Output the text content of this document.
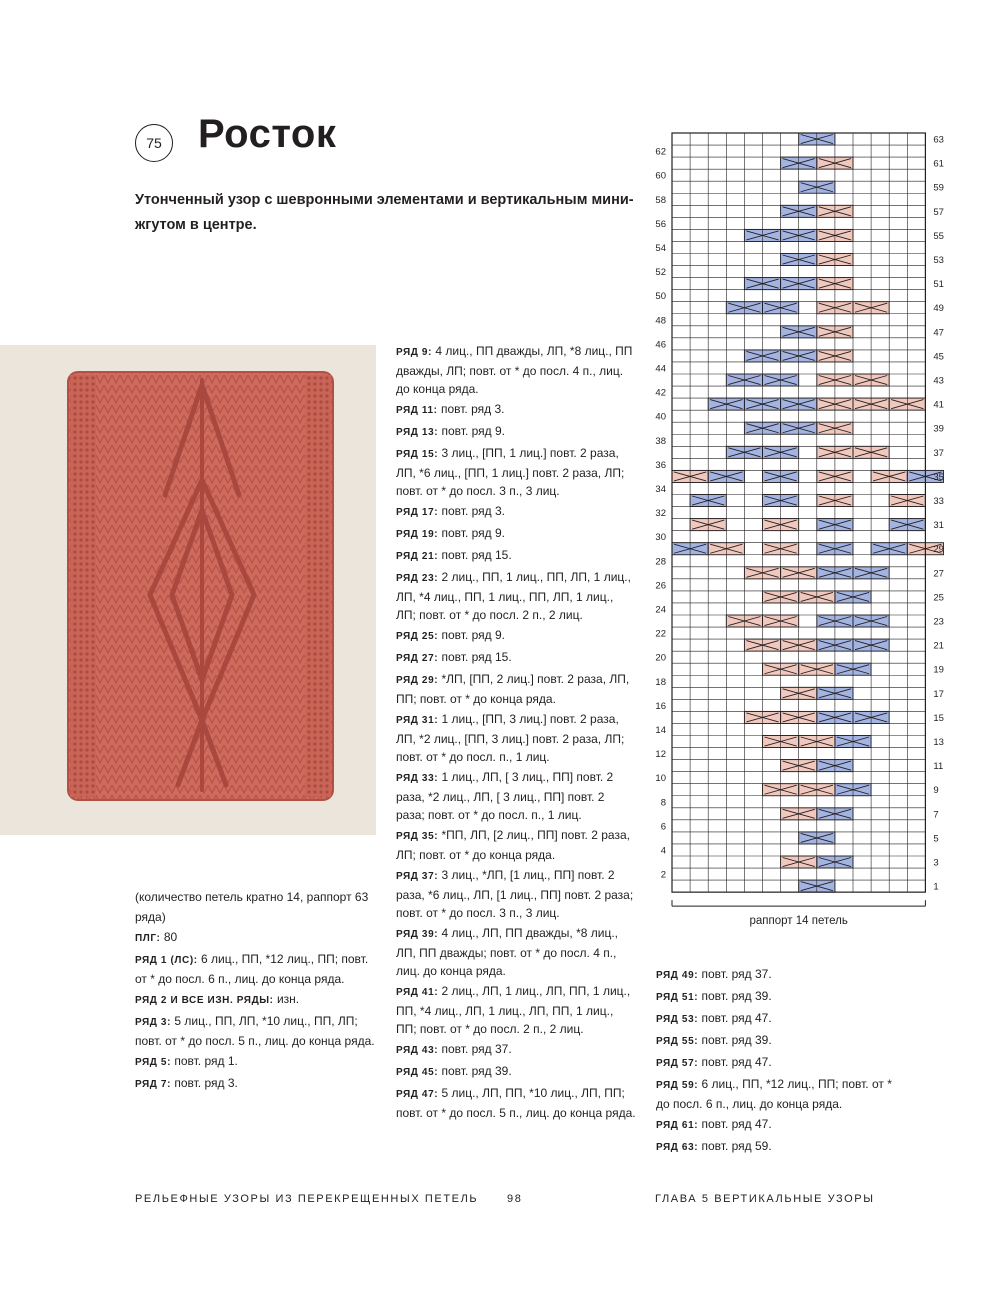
75 Росток
Утонченный узор с шевронными элементами и вертикальным мини-жгутом в центре.

(количество петель кратно 14, раппорт 63 ряда)

ПЛГ: 80

РЯД 1 (ЛС): 6 лиц., ПП, *12 лиц., ПП; повт. от * до посл. 6 п., лиц. до конца ряда.

РЯД 2 И ВСЕ ИЗН. РЯДЫ: изн.

РЯД 3: 5 лиц., ПП, ЛП, *10 лиц., ПП, ЛП; повт. от * до посл. 5 п., лиц. до конца ряда.

РЯД 5: повт. ряд 1.

РЯД 7: повт. ряд 3.

РЯД 9: 4 лиц., ПП дважды, ЛП, *8 лиц., ПП дважды, ЛП; повт. от * до посл. 4 п., лиц. до конца ряда.

РЯД 11: повт. ряд 3.

РЯД 13: повт. ряд 9.

РЯД 15: 3 лиц., [ПП, 1 лиц.] повт. 2 раза, ЛП, *6 лиц., [ПП, 1 лиц.] повт. 2 раза, ЛП; повт. от * до посл. 3 п., 3 лиц.

РЯД 17: повт. ряд 3.

РЯД 19: повт. ряд 9.

РЯД 21: повт. ряд 15.

РЯД 23: 2 лиц., ПП, 1 лиц., ПП, ЛП, 1 лиц., ЛП, *4 лиц., ПП, 1 лиц., ПП, ЛП, 1 лиц., ЛП; повт. от * до посл. 2 п., 2 лиц.

РЯД 25: повт. ряд 9.

РЯД 27: повт. ряд 15.

РЯД 29: *ЛП, [ПП, 2 лиц.] повт. 2 раза, ЛП, ПП; повт. от * до конца ряда.

РЯД 31: 1 лиц., [ПП, 3 лиц.] повт. 2 раза, ЛП, *2 лиц., [ПП, 3 лиц.] повт. 2 раза, ЛП; повт. от * до посл. п., 1 лиц.

РЯД 33: 1 лиц., ЛП, [ 3 лиц., ПП] повт. 2 раза, *2 лиц., ЛП, [ 3 лиц., ПП] повт. 2 раза; повт. от * до посл. п., 1 лиц.

РЯД 35: *ПП, ЛП, [2 лиц., ПП] повт. 2 раза, ЛП; повт. от * до конца ряда.

РЯД 37: 3 лиц., *ЛП, [1 лиц., ПП] повт. 2 раза, *6 лиц., ЛП, [1 лиц., ПП] повт. 2 раза; повт. от * до посл. 3 п., 3 лиц.

РЯД 39: 4 лиц., ЛП, ПП дважды, *8 лиц., ЛП, ПП дважды; повт. от * до посл. 4 п., лиц. до конца ряда.

РЯД 41: 2 лиц., ЛП, 1 лиц., ЛП, ПП, 1 лиц., ПП, *4 лиц., ЛП, 1 лиц., ЛП, ПП, 1 лиц., ПП; повт. от * до посл. 2 п., 2 лиц.

РЯД 43: повт. ряд 37.

РЯД 45: повт. ряд 39.

РЯД 47: 5 лиц., ЛП, ПП, *10 лиц., ЛП, ПП; повт. от * до посл. 5 п., лиц. до конца ряда.

РЯД 49: повт. ряд 37.

РЯД 51: повт. ряд 39.

РЯД 53: повт. ряд 47.

РЯД 55: повт. ряд 39.

РЯД 57: повт. ряд 47.

РЯД 59: 6 лиц., ПП, *12 лиц., ПП; повт. от * до посл. 6 п., лиц. до конца ряда.

РЯД 61: повт. ряд 47.

РЯД 63: повт. ряд 59.

1
2
3
4
5
6
7
8
9
10
11
12
13
14
15
16
17
18
19
20
21
22
23
24
25
26
27
28
29
30
31
32
33
34
35
36
37
38
39
40
41
42
43
44
45
46
47
48
49
50
51
52
53
54
55
56
57
58
59
60
61
62
63
раппорт 14 петель
РЕЛЬЕФНЫЕ УЗОРЫ ИЗ ПЕРЕКРЕЩЕННЫХ ПЕТЕЛЬ	98	ГЛАВА 5 ВЕРТИКАЛЬНЫЕ УЗОРЫ
